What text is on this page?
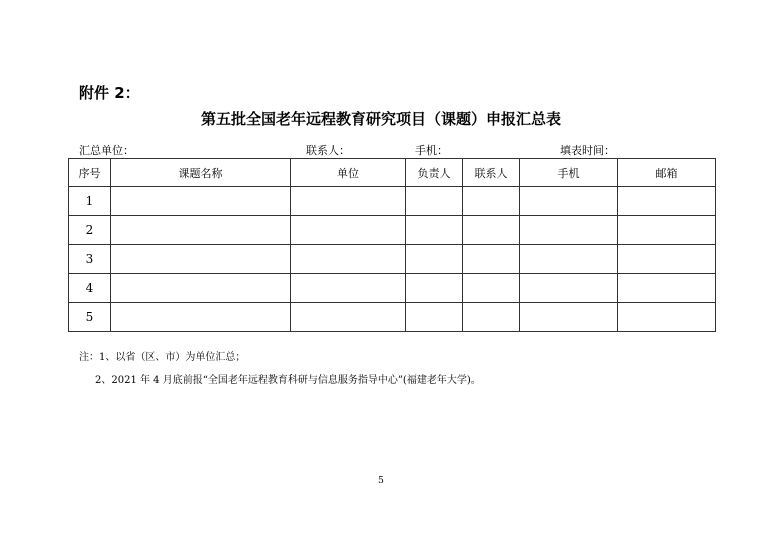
附件 2：
第五批全国老年远程教育研究项目（课题）申报汇总表
汇总单位：	联系人：	手机：	填表时间：
序号	课题名称	单位	负责人	联系人	手机	邮箱
1						
2						
3						
4						
5						
注：1、以省（区、市）为单位汇总；
2、2021 年 4 月底前报“全国老年远程教育科研与信息服务指导中心”(福建老年大学)。
5
